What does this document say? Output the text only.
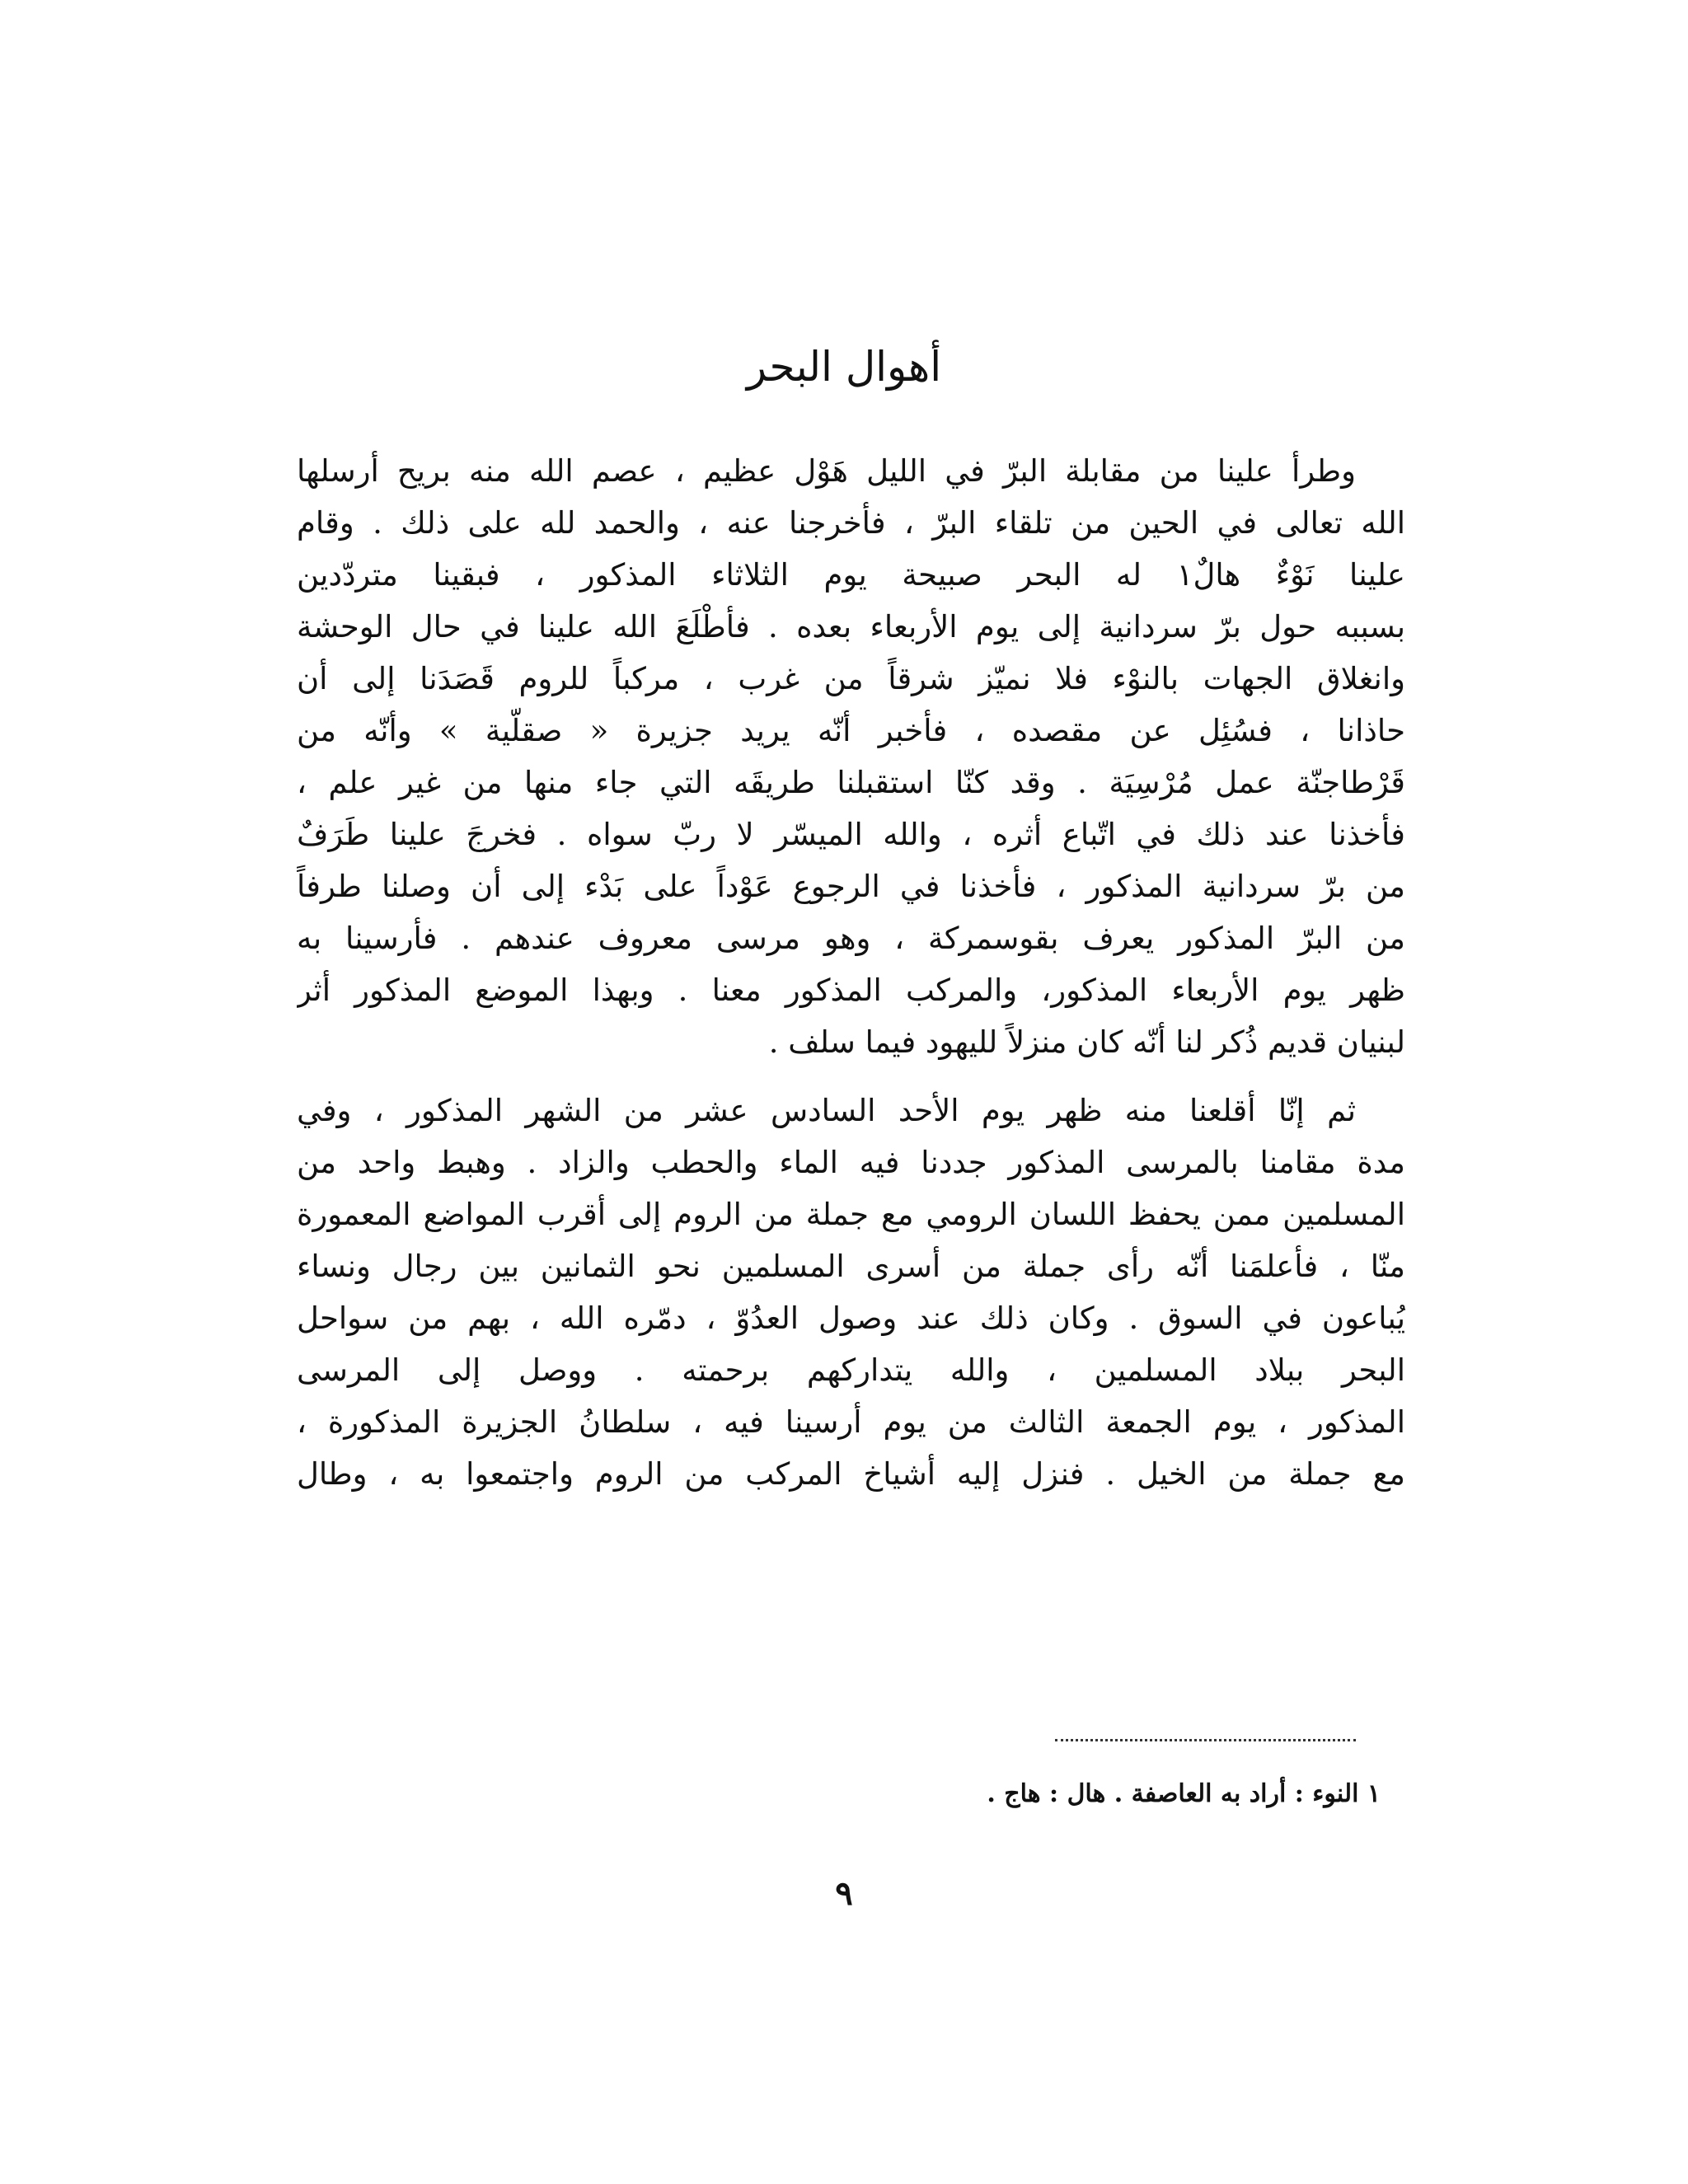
أهوال البحر
وطرأ علينا من مقابلة البرّ في الليل هَوْل عظيم ، عصم الله منه بريح أرسلها
الله تعالى في الحين من تلقاء البرّ ، فأخرجنا عنه ، والحمد لله على ذلك . وقام
علينا نَوْءٌ هالٌ١ له البحر صبيحة يوم الثلاثاء المذكور ، فبقينا متردّدين
بسببه حول برّ سردانية إلى يوم الأربعاء بعده . فأطْلَعَ الله علينا في حال الوحشة
وانغلاق الجهات بالنوْء فلا نميّز شرقاً من غرب ، مركباً للروم قَصَدَنا إلى أن
حاذانا ، فسُئِل عن مقصده ، فأخبر أنّه يريد جزيرة « صقلّية » وأنّه من
قَرْطاجنّة عمل مُرْسِيَة . وقد كنّا استقبلنا طريقَه التي جاء منها من غير علم ،
فأخذنا عند ذلك في اتّباع أثره ، والله الميسّر لا ربّ سواه . فخرجَ علينا طَرَفٌ
من برّ سردانية المذكور ، فأخذنا في الرجوع عَوْداً على بَدْء إلى أن وصلنا طرفاً
من البرّ المذكور يعرف بقوسمركة ، وهو مرسى معروف عندهم . فأرسينا به
ظهر يوم الأربعاء المذكور، والمركب المذكور معنا . وبهذا الموضع المذكور أثر
لبنيان قديم ذُكر لنا أنّه كان منزلاً لليهود فيما سلف .
ثم إنّا أقلعنا منه ظهر يوم الأحد السادس عشر من الشهر المذكور ، وفي
مدة مقامنا بالمرسى المذكور جددنا فيه الماء والحطب والزاد . وهبط واحد من
المسلمين ممن يحفظ اللسان الرومي مع جملة من الروم إلى أقرب المواضع المعمورة
منّا ، فأعلمَنا أنّه رأى جملة من أسرى المسلمين نحو الثمانين بين رجال ونساء
يُباعون في السوق . وكان ذلك عند وصول العدُوّ ، دمّره الله ، بهم من سواحل
البحر ببلاد المسلمين ، والله يتداركهم برحمته . ووصل إلى المرسى
المذكور ، يوم الجمعة الثالث من يوم أرسينا فيه ، سلطانُ الجزيرة المذكورة ،
مع جملة من الخيل . فنزل إليه أشياخ المركب من الروم واجتمعوا به ، وطال
١ النوء : أراد به العاصفة . هال : هاج .
٩
